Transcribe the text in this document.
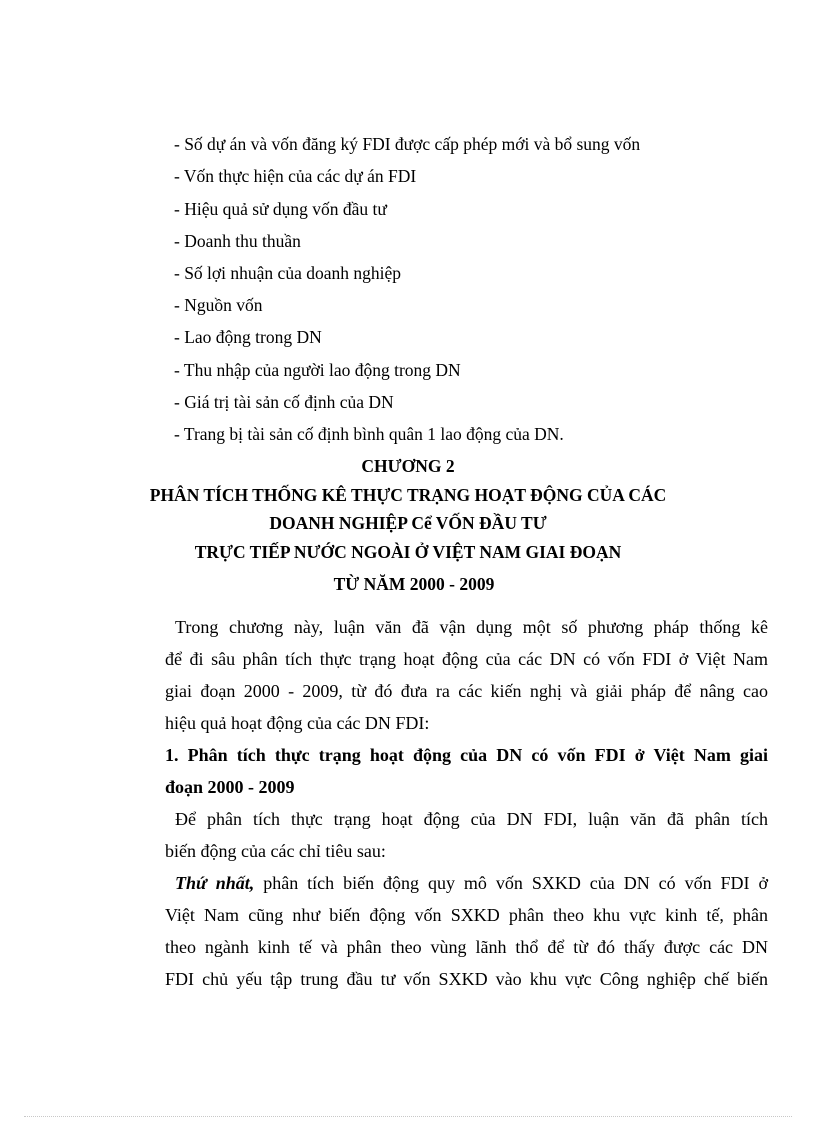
- Số dự án và vốn đăng ký FDI được cấp phép mới và bổ sung vốn
- Vốn thực hiện của các dự án FDI
- Hiệu quả sử dụng vốn đầu tư
- Doanh thu thuần
- Số lợi nhuận của doanh nghiệp
- Nguồn vốn
- Lao động trong DN
- Thu nhập của người lao động trong DN
- Giá trị tài sản cố định của DN
- Trang bị tài sản cố định bình quân 1 lao động của DN.
CHƯƠNG 2
PHÂN TÍCH THỐNG KÊ THỰC TRẠNG HOẠT ĐỘNG CỦA CÁC
DOANH NGHIỆP Cể VỐN ĐẦU TƯ
TRỰC TIẾP NƯỚC NGOÀI Ở VIỆT NAM GIAI ĐOẠN
TỪ NĂM 2000 - 2009
Trong chương này, luận văn đã vận dụng một số phương pháp thống kê
để đi sâu phân tích thực trạng hoạt động của các DN có vốn FDI ở Việt Nam
giai đoạn 2000 - 2009, từ đó đưa ra các kiến nghị và giải pháp để nâng cao
hiệu quả hoạt động của các DN FDI:
1. Phân tích thực trạng hoạt động của DN có vốn FDI ở Việt Nam giai
đoạn 2000 - 2009
Để phân tích thực trạng hoạt động của DN FDI, luận văn đã phân tích
biến động của các chỉ tiêu sau:
Thứ nhất, phân tích biến động quy mô vốn SXKD của DN có vốn FDI ở
Việt Nam cũng như biến động vốn SXKD phân theo khu vực kinh tế, phân
theo ngành kinh tế và phân theo vùng lãnh thổ để từ đó thấy được các DN
FDI chủ yếu tập trung đầu tư vốn SXKD vào khu vực Công nghiệp chế biến
